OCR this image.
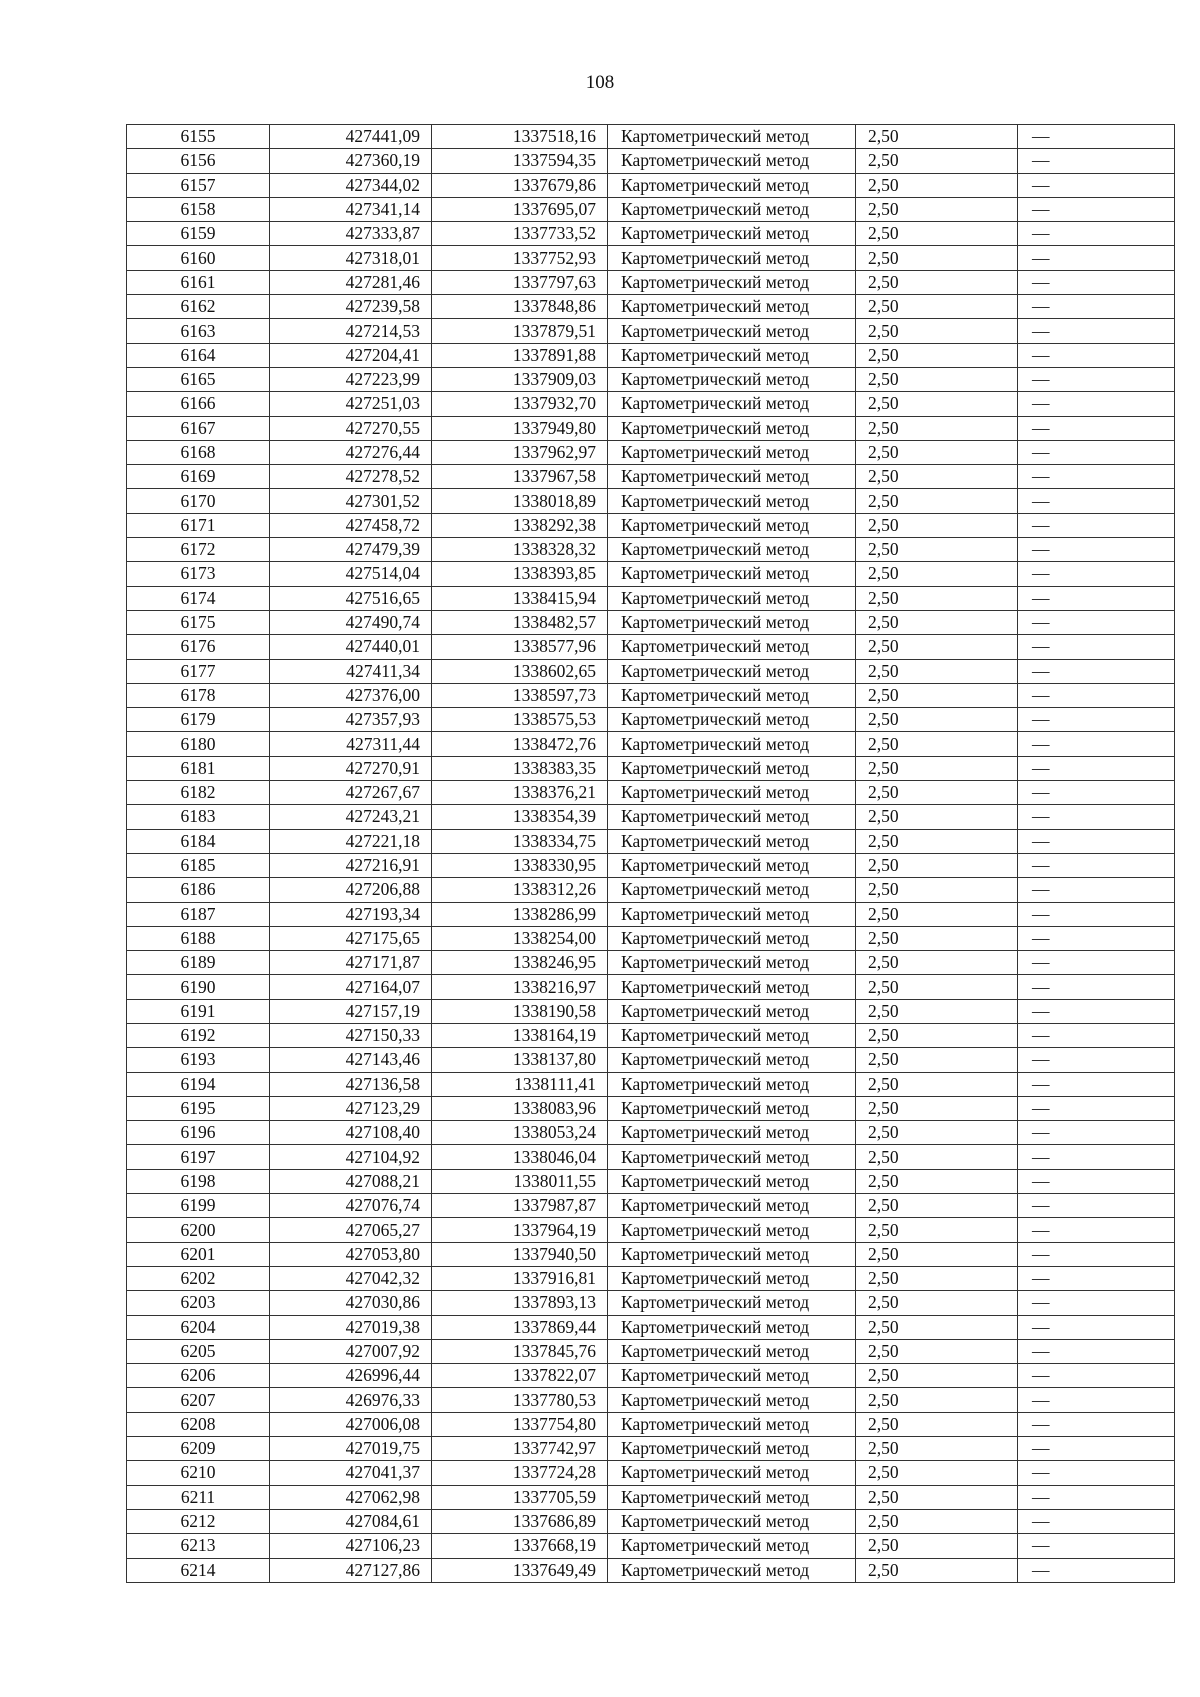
108
6155	427441,09	1337518,16	Картометрический метод	2,50	—
6156	427360,19	1337594,35	Картометрический метод	2,50	—
6157	427344,02	1337679,86	Картометрический метод	2,50	—
6158	427341,14	1337695,07	Картометрический метод	2,50	—
6159	427333,87	1337733,52	Картометрический метод	2,50	—
6160	427318,01	1337752,93	Картометрический метод	2,50	—
6161	427281,46	1337797,63	Картометрический метод	2,50	—
6162	427239,58	1337848,86	Картометрический метод	2,50	—
6163	427214,53	1337879,51	Картометрический метод	2,50	—
6164	427204,41	1337891,88	Картометрический метод	2,50	—
6165	427223,99	1337909,03	Картометрический метод	2,50	—
6166	427251,03	1337932,70	Картометрический метод	2,50	—
6167	427270,55	1337949,80	Картометрический метод	2,50	—
6168	427276,44	1337962,97	Картометрический метод	2,50	—
6169	427278,52	1337967,58	Картометрический метод	2,50	—
6170	427301,52	1338018,89	Картометрический метод	2,50	—
6171	427458,72	1338292,38	Картометрический метод	2,50	—
6172	427479,39	1338328,32	Картометрический метод	2,50	—
6173	427514,04	1338393,85	Картометрический метод	2,50	—
6174	427516,65	1338415,94	Картометрический метод	2,50	—
6175	427490,74	1338482,57	Картометрический метод	2,50	—
6176	427440,01	1338577,96	Картометрический метод	2,50	—
6177	427411,34	1338602,65	Картометрический метод	2,50	—
6178	427376,00	1338597,73	Картометрический метод	2,50	—
6179	427357,93	1338575,53	Картометрический метод	2,50	—
6180	427311,44	1338472,76	Картометрический метод	2,50	—
6181	427270,91	1338383,35	Картометрический метод	2,50	—
6182	427267,67	1338376,21	Картометрический метод	2,50	—
6183	427243,21	1338354,39	Картометрический метод	2,50	—
6184	427221,18	1338334,75	Картометрический метод	2,50	—
6185	427216,91	1338330,95	Картометрический метод	2,50	—
6186	427206,88	1338312,26	Картометрический метод	2,50	—
6187	427193,34	1338286,99	Картометрический метод	2,50	—
6188	427175,65	1338254,00	Картометрический метод	2,50	—
6189	427171,87	1338246,95	Картометрический метод	2,50	—
6190	427164,07	1338216,97	Картометрический метод	2,50	—
6191	427157,19	1338190,58	Картометрический метод	2,50	—
6192	427150,33	1338164,19	Картометрический метод	2,50	—
6193	427143,46	1338137,80	Картометрический метод	2,50	—
6194	427136,58	1338111,41	Картометрический метод	2,50	—
6195	427123,29	1338083,96	Картометрический метод	2,50	—
6196	427108,40	1338053,24	Картометрический метод	2,50	—
6197	427104,92	1338046,04	Картометрический метод	2,50	—
6198	427088,21	1338011,55	Картометрический метод	2,50	—
6199	427076,74	1337987,87	Картометрический метод	2,50	—
6200	427065,27	1337964,19	Картометрический метод	2,50	—
6201	427053,80	1337940,50	Картометрический метод	2,50	—
6202	427042,32	1337916,81	Картометрический метод	2,50	—
6203	427030,86	1337893,13	Картометрический метод	2,50	—
6204	427019,38	1337869,44	Картометрический метод	2,50	—
6205	427007,92	1337845,76	Картометрический метод	2,50	—
6206	426996,44	1337822,07	Картометрический метод	2,50	—
6207	426976,33	1337780,53	Картометрический метод	2,50	—
6208	427006,08	1337754,80	Картометрический метод	2,50	—
6209	427019,75	1337742,97	Картометрический метод	2,50	—
6210	427041,37	1337724,28	Картометрический метод	2,50	—
6211	427062,98	1337705,59	Картометрический метод	2,50	—
6212	427084,61	1337686,89	Картометрический метод	2,50	—
6213	427106,23	1337668,19	Картометрический метод	2,50	—
6214	427127,86	1337649,49	Картометрический метод	2,50	—
